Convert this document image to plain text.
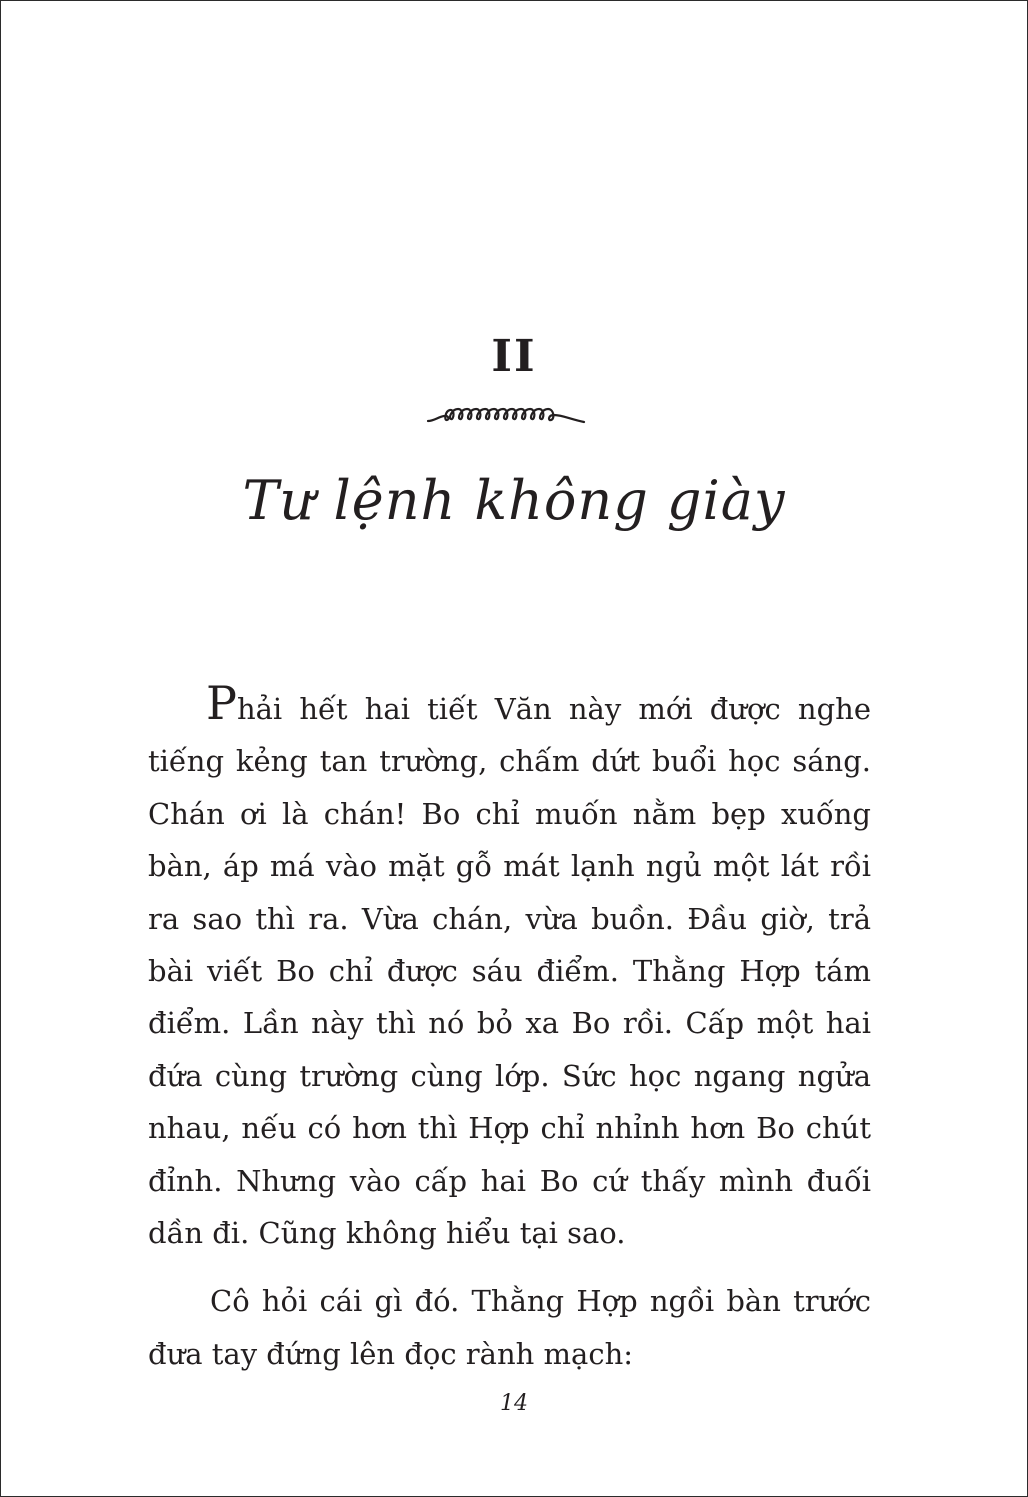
II
Tư lệnh không giày

Phải hết hai tiết Văn này mới được nghe tiếng kẻng tan trường, chấm dứt buổi học sáng. Chán ơi là chán! Bo chỉ muốn nằm bẹp xuống bàn, áp má vào mặt gỗ mát lạnh ngủ một lát rồi ra sao thì ra. Vừa chán, vừa buồn. Đầu giờ, trả bài viết Bo chỉ được sáu điểm. Thằng Hợp tám điểm. Lần này thì nó bỏ xa Bo rồi. Cấp một hai đứa cùng trường cùng lớp. Sức học ngang ngửa nhau, nếu có hơn thì Hợp chỉ nhỉnh hơn Bo chút đỉnh. Nhưng vào cấp hai Bo cứ thấy mình đuối dần đi. Cũng không hiểu tại sao.

Cô hỏi cái gì đó. Thằng Hợp ngồi bàn trước đưa tay đứng lên đọc rành mạch:

14
